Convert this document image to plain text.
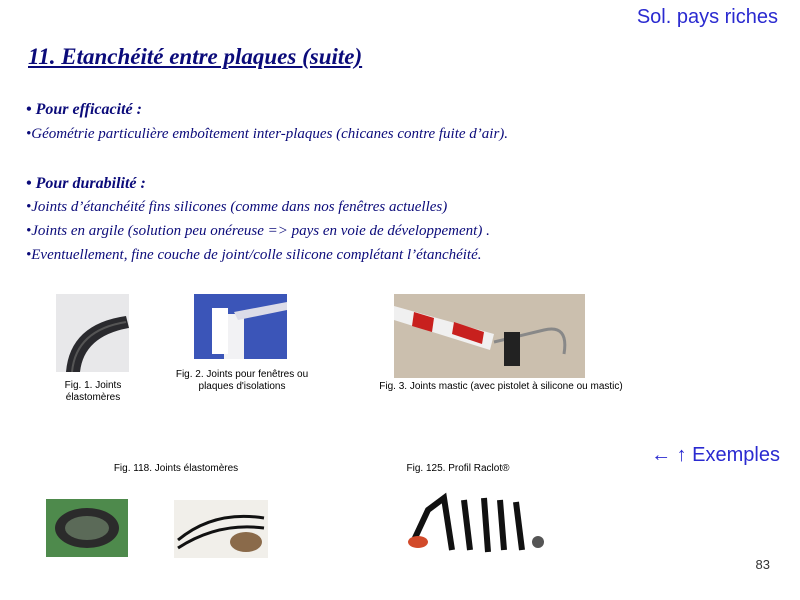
Sol. pays riches
11. Etanchéité entre plaques (suite)
• Pour efficacité :
•Géométrie particulière emboîtement inter-plaques (chicanes contre fuite d’air).
• Pour durabilité :
•Joints d’étanchéité fins silicones (comme dans nos fenêtres actuelles)
•Joints en argile (solution peu onéreuse => pays en voie de développement) .
•Eventuellement, fine couche de joint/colle silicone complétant l’étanchéité.
Fig. 1. Joints élastomères
Fig. 2. Joints pour fenêtres ou plaques d'isolations	Fig. 3. Joints mastic (avec pistolet à silicone ou mastic)
← ↑ Exemples
Fig. 118. Joints élastomères	Fig. 125. Profil Raclot®
83
